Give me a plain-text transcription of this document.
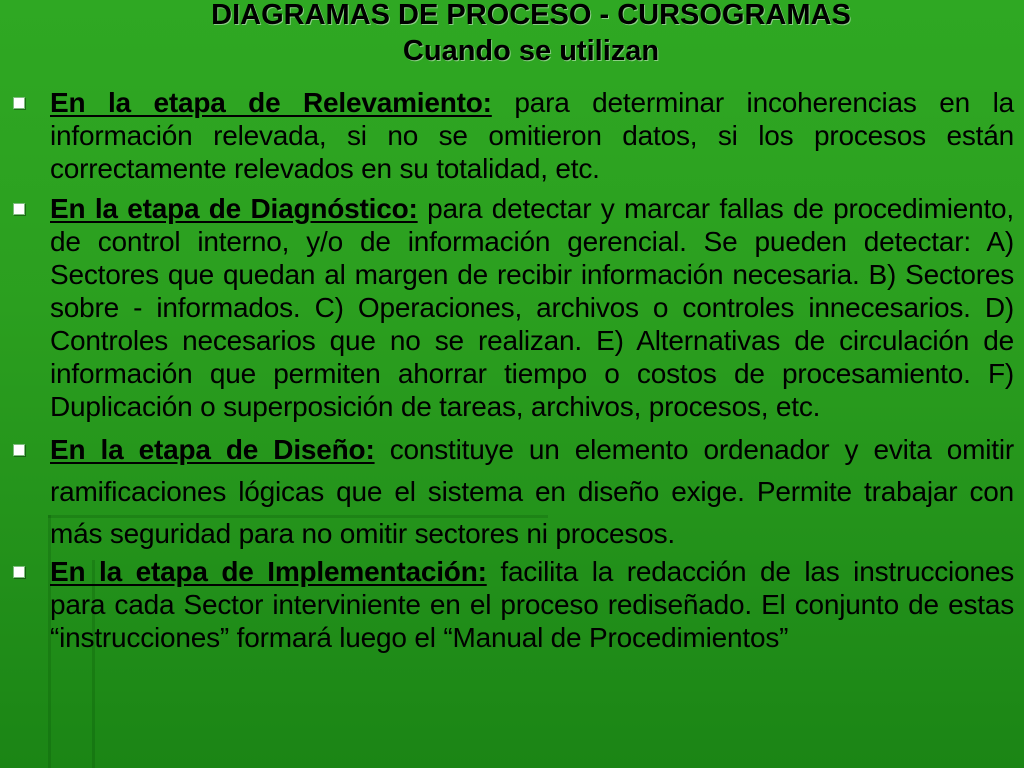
DIAGRAMAS DE PROCESO - CURSOGRAMAS
Cuando se utilizan
En la etapa de Relevamiento: para determinar incoherencias en la información relevada, si no se omitieron datos, si los procesos están correctamente relevados en su totalidad, etc.
En la etapa de Diagnóstico: para detectar y marcar fallas de procedimiento, de control interno, y/o de información gerencial. Se pueden detectar: A) Sectores que quedan al margen de recibir información necesaria. B) Sectores sobre - informados. C) Operaciones, archivos o controles innecesarios. D) Controles necesarios que no se realizan. E) Alternativas de circulación de información que permiten ahorrar tiempo o costos de procesamiento. F) Duplicación o superposición de tareas, archivos, procesos, etc.
En la etapa de Diseño: constituye un elemento ordenador y evita omitir ramificaciones lógicas que el sistema en diseño exige. Permite trabajar con más seguridad para no omitir sectores ni procesos.
En la etapa de Implementación: facilita la redacción de las instrucciones para cada Sector interviniente en el proceso rediseñado. El conjunto de estas “instrucciones” formará luego el “Manual de Procedimientos”
